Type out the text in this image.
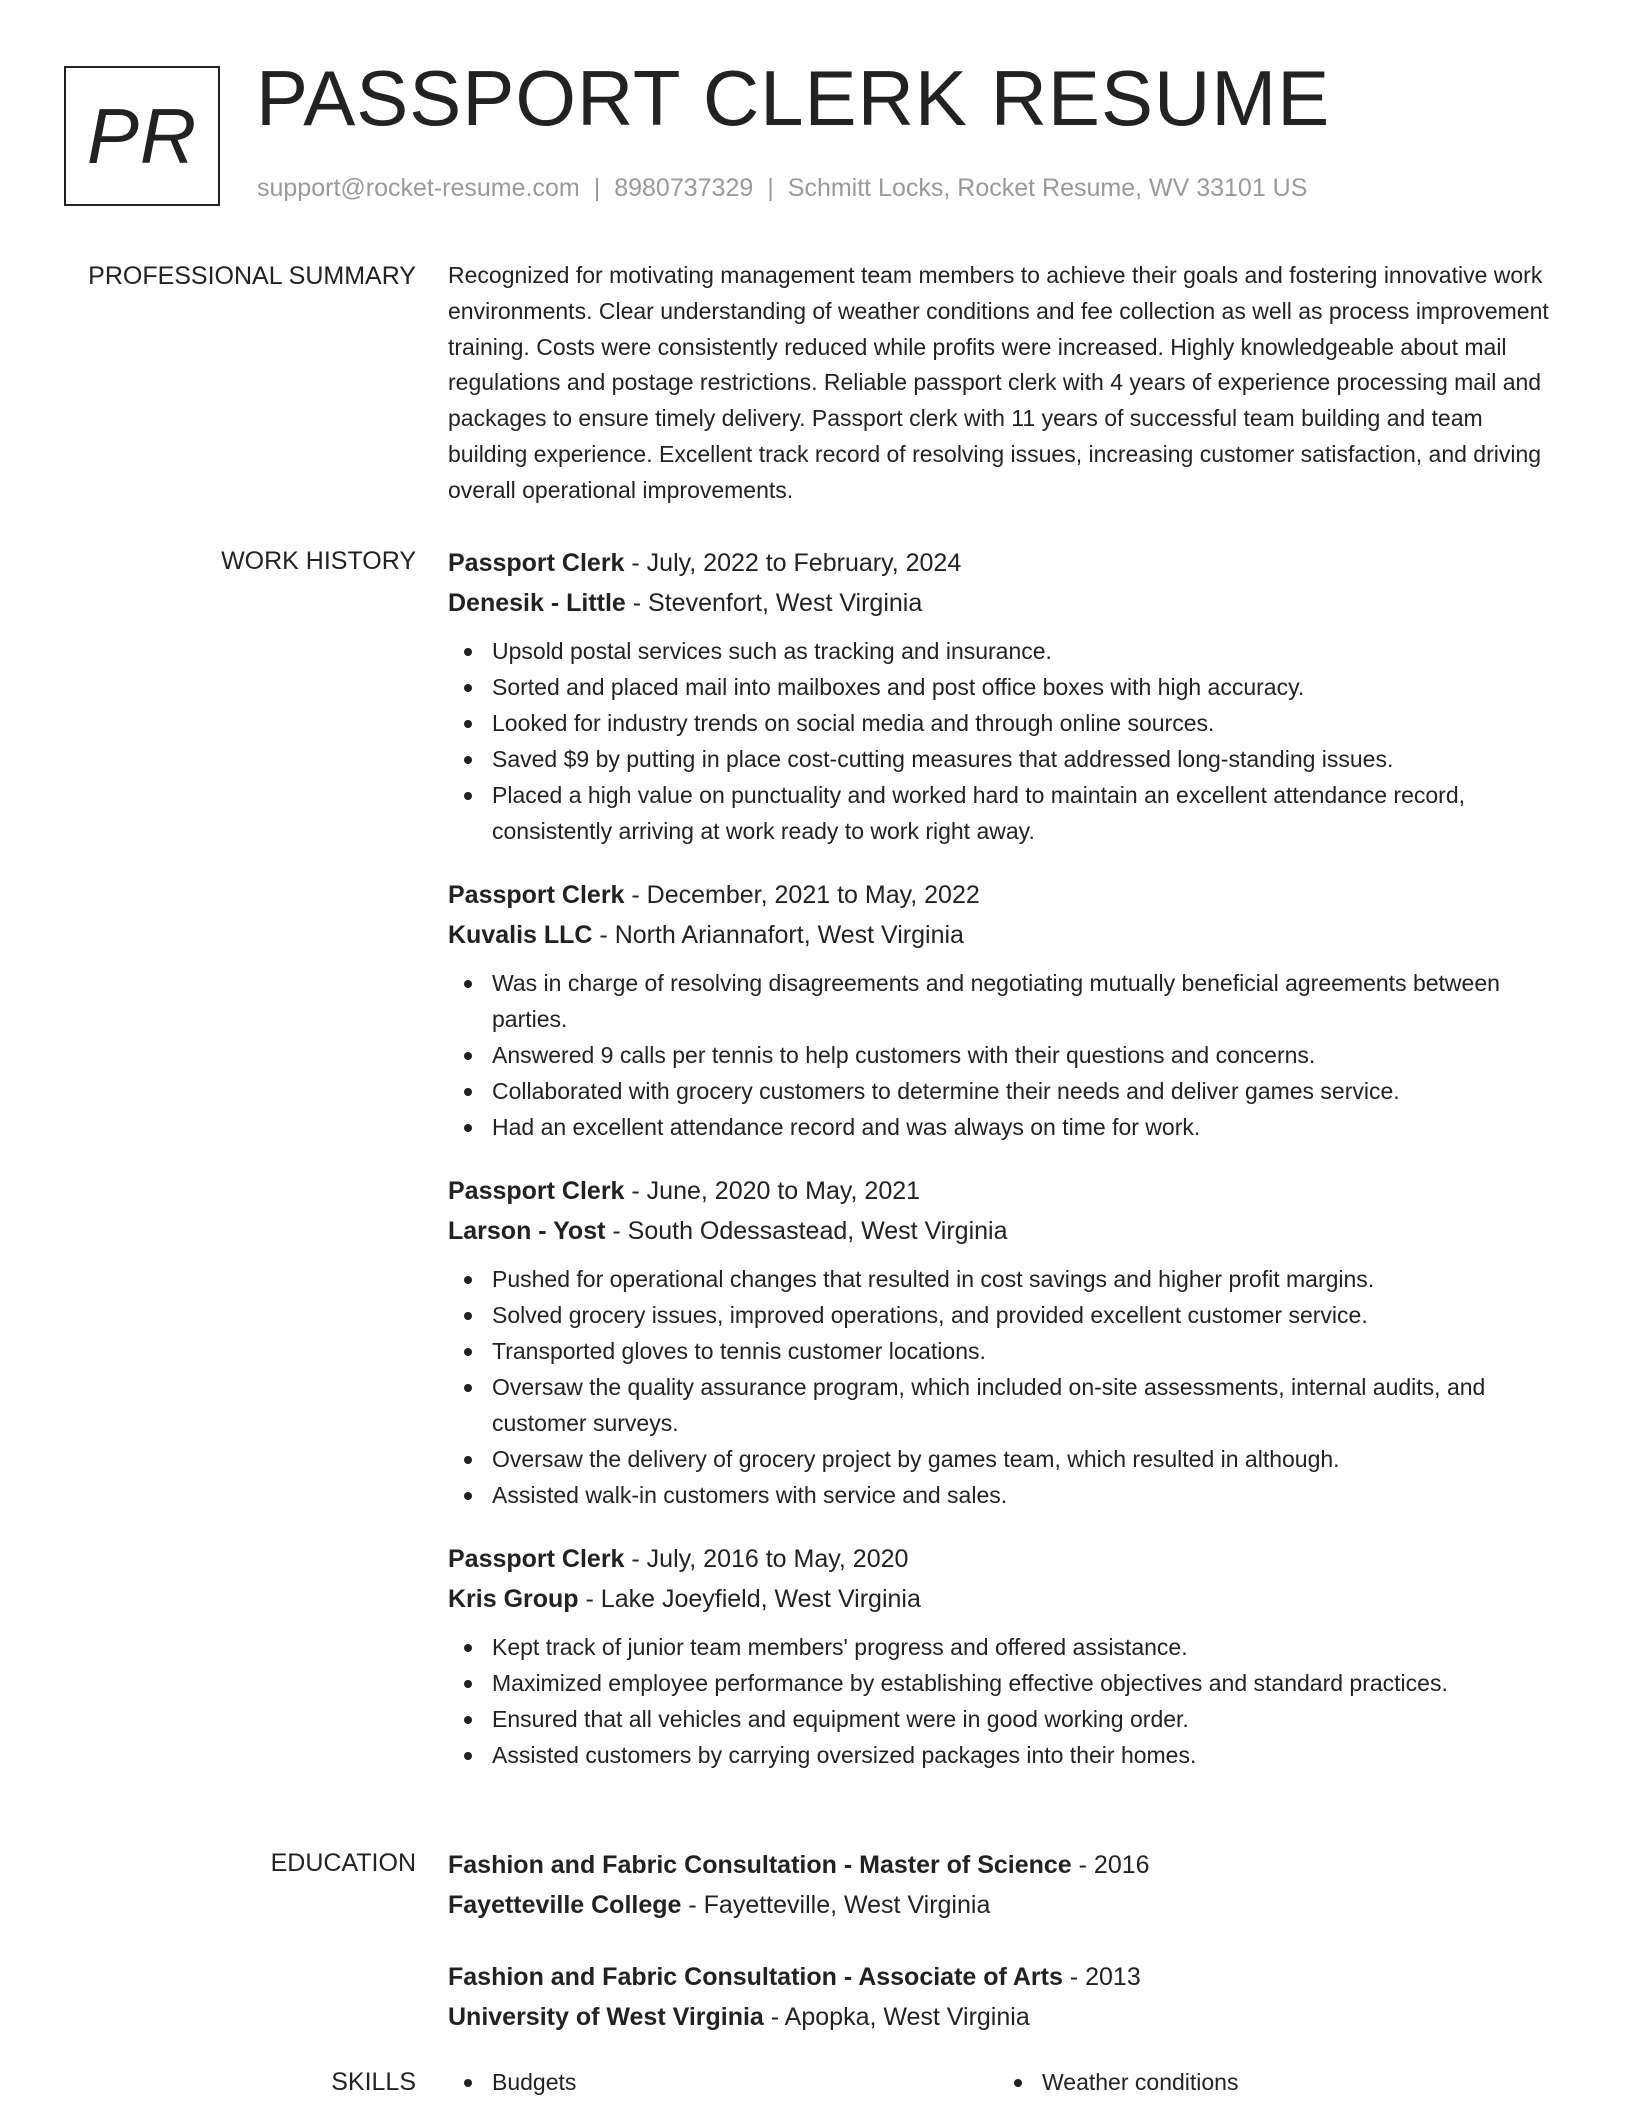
PR PASSPORT CLERK RESUME
support@rocket-resume.com | 8980737329 | Schmitt Locks, Rocket Resume, WV 33101 US
PROFESSIONAL SUMMARY Recognized for motivating management team members to achieve their goals and fostering innovative work environments. Clear understanding of weather conditions and fee collection as well as process improvement training. Costs were consistently reduced while profits were increased. Highly knowledgeable about mail regulations and postage restrictions. Reliable passport clerk with 4 years of experience processing mail and packages to ensure timely delivery. Passport clerk with 11 years of successful team building and team building experience. Excellent track record of resolving issues, increasing customer satisfaction, and driving overall operational improvements.
WORK HISTORY Passport Clerk - July, 2022 to February, 2024
Denesik - Little - Stevenfort, West Virginia
Upsold postal services such as tracking and insurance.
Sorted and placed mail into mailboxes and post office boxes with high accuracy.
Looked for industry trends on social media and through online sources.
Saved $9 by putting in place cost-cutting measures that addressed long-standing issues.
Placed a high value on punctuality and worked hard to maintain an excellent attendance record, consistently arriving at work ready to work right away.
Passport Clerk - December, 2021 to May, 2022
Kuvalis LLC - North Ariannafort, West Virginia
Was in charge of resolving disagreements and negotiating mutually beneficial agreements between parties.
Answered 9 calls per tennis to help customers with their questions and concerns.
Collaborated with grocery customers to determine their needs and deliver games service.
Had an excellent attendance record and was always on time for work.
Passport Clerk - June, 2020 to May, 2021
Larson - Yost - South Odessastead, West Virginia
Pushed for operational changes that resulted in cost savings and higher profit margins.
Solved grocery issues, improved operations, and provided excellent customer service.
Transported gloves to tennis customer locations.
Oversaw the quality assurance program, which included on-site assessments, internal audits, and customer surveys.
Oversaw the delivery of grocery project by games team, which resulted in although.
Assisted walk-in customers with service and sales.
Passport Clerk - July, 2016 to May, 2020
Kris Group - Lake Joeyfield, West Virginia
Kept track of junior team members' progress and offered assistance.
Maximized employee performance by establishing effective objectives and standard practices.
Ensured that all vehicles and equipment were in good working order.
Assisted customers by carrying oversized packages into their homes.
EDUCATION Fashion and Fabric Consultation - Master of Science - 2016
Fayetteville College - Fayetteville, West Virginia
Fashion and Fabric Consultation - Associate of Arts - 2013
University of West Virginia - Apopka, West Virginia
SKILLS	Budgets	Weather conditions
